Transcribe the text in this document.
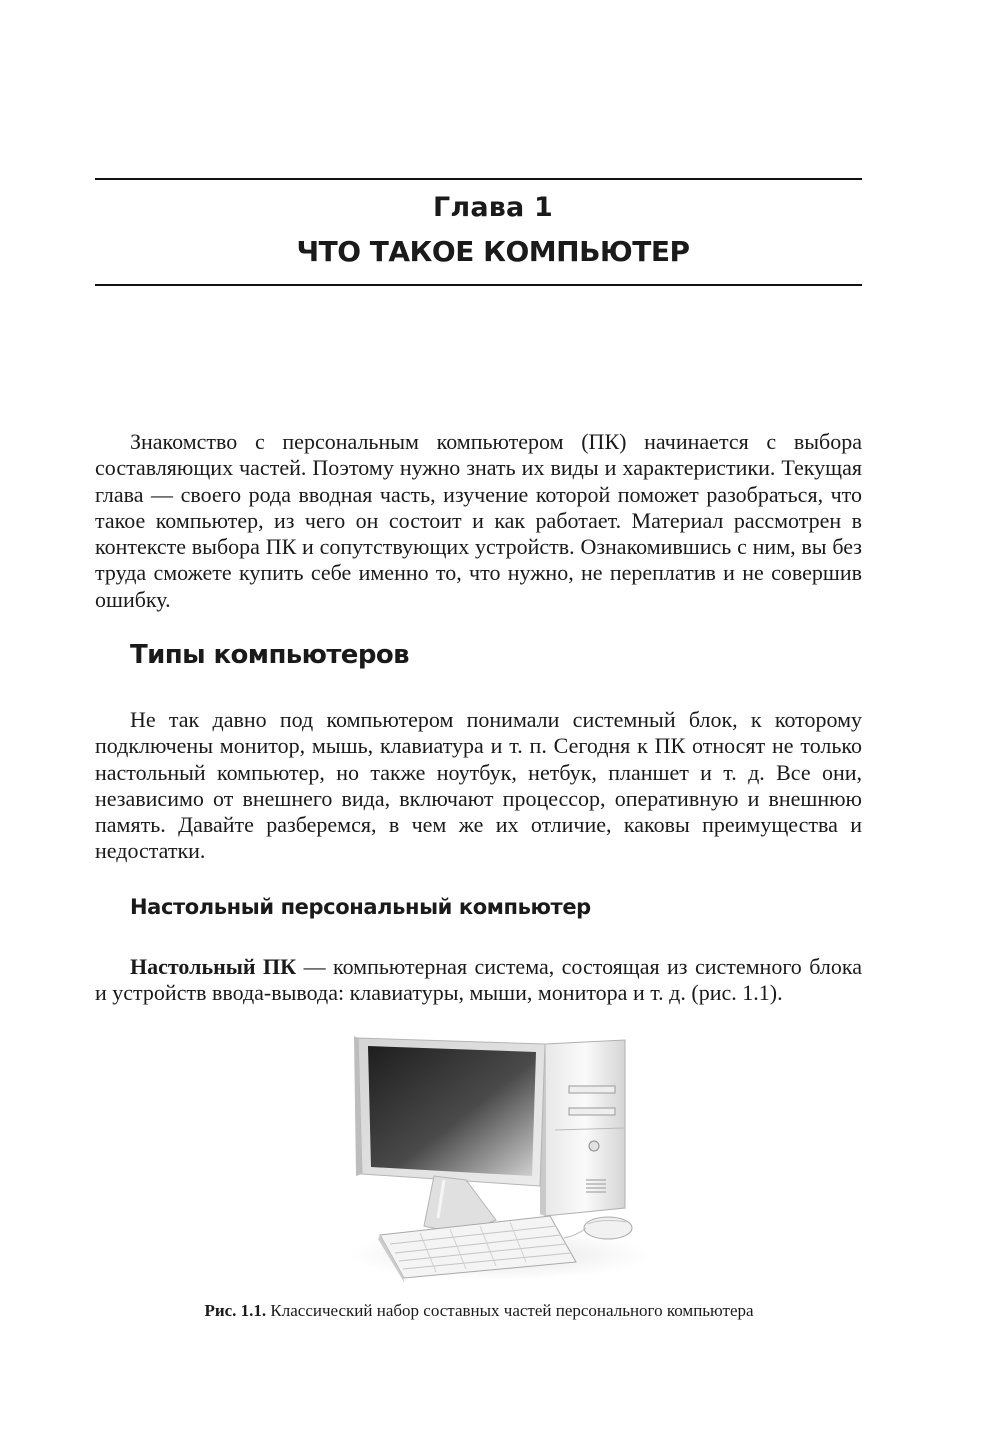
Глава 1
ЧТО ТАКОЕ КОМПЬЮТЕР

Знакомство с персональным компьютером (ПК) начинается с выбора составляющих частей. Поэтому нужно знать их виды и характеристики. Текущая глава — своего рода вводная часть, изучение которой поможет разобраться, что такое компьютер, из чего он состоит и как работает. Материал рассмотрен в контексте выбора ПК и сопутствующих устройств. Ознакомившись с ним, вы без труда сможете купить себе именно то, что нужно, не переплатив и не совершив ошибку.

Типы компьютеров

Не так давно под компьютером понимали системный блок, к которому подключены монитор, мышь, клавиатура и т. п. Сегодня к ПК относят не только настольный компьютер, но также ноутбук, нетбук, планшет и т. д. Все они, независимо от внешнего вида, включают процессор, оперативную и внешнюю память. Давайте разберемся, в чем же их отличие, каковы преимущества и недостатки.

Настольный персональный компьютер

Настольный ПК — компьютерная система, состоящая из системного блока и устройств ввода-вывода: клавиатуры, мыши, монитора и т. д. (рис. 1.1).

Рис. 1.1. Классический набор составных частей персонального компьютера
